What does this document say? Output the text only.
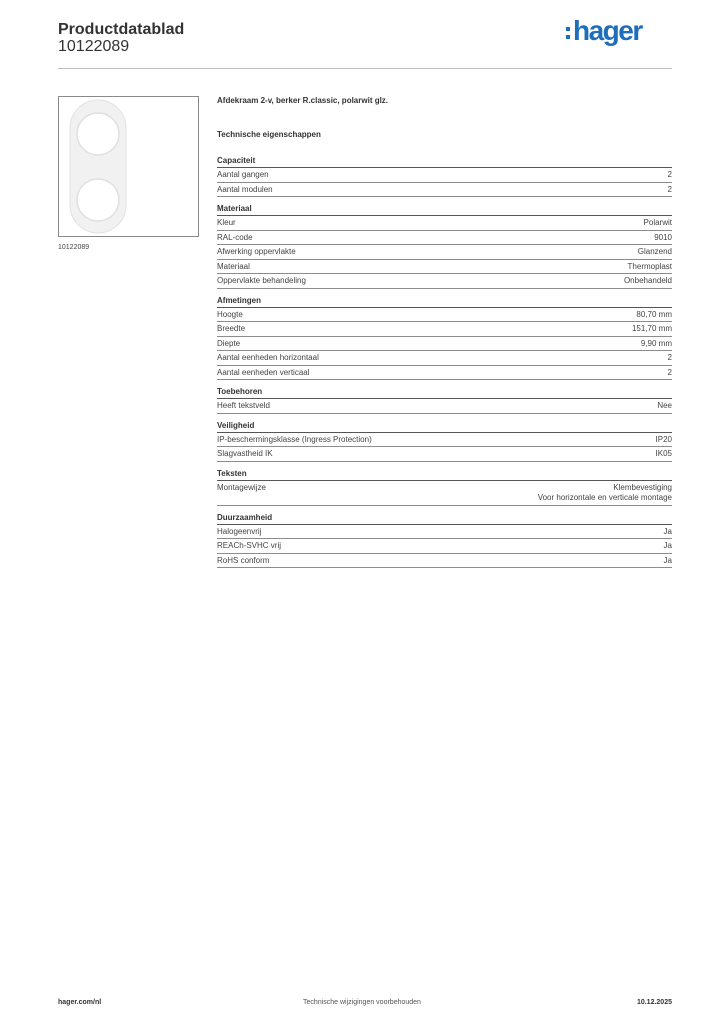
Productdatablad
10122089
hager
10122089
Afdekraam 2-v, berker R.classic, polarwit glz.
Technische eigenschappen
Capaciteit
Aantal gangen	2
Aantal modulen	2
Materiaal
Kleur	Polarwit
RAL-code	9010
Afwerking oppervlakte	Glanzend
Materiaal	Thermoplast
Oppervlakte behandeling	Onbehandeld
Afmetingen
Hoogte	80,70 mm
Breedte	151,70 mm
Diepte	9,90 mm
Aantal eenheden horizontaal	2
Aantal eenheden verticaal	2
Toebehoren
Heeft tekstveld	Nee
Veiligheid
IP-beschermingsklasse (Ingress Protection)	IP20
Slagvastheid IK	IK05
Teksten
Montagewijze	Klembevestiging
Voor horizontale en verticale montage
Duurzaamheid
Halogeenvrij	Ja
REACh-SVHC vrij	Ja
RoHS conform	Ja
hager.com/nl	Technische wijzigingen voorbehouden	10.12.2025
